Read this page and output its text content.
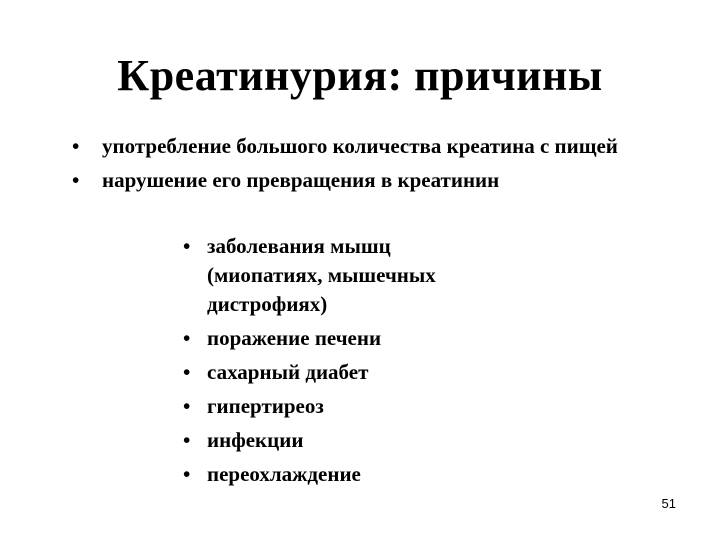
Креатинурия: причины
• употребление большого количества креатина с пищей
• нарушение его превращения в креатинин
• заболевания мышц (миопатиях, мышечных дистрофиях)
• поражение печени
• сахарный диабет
• гипертиреоз
• инфекции
• переохлаждение
51
